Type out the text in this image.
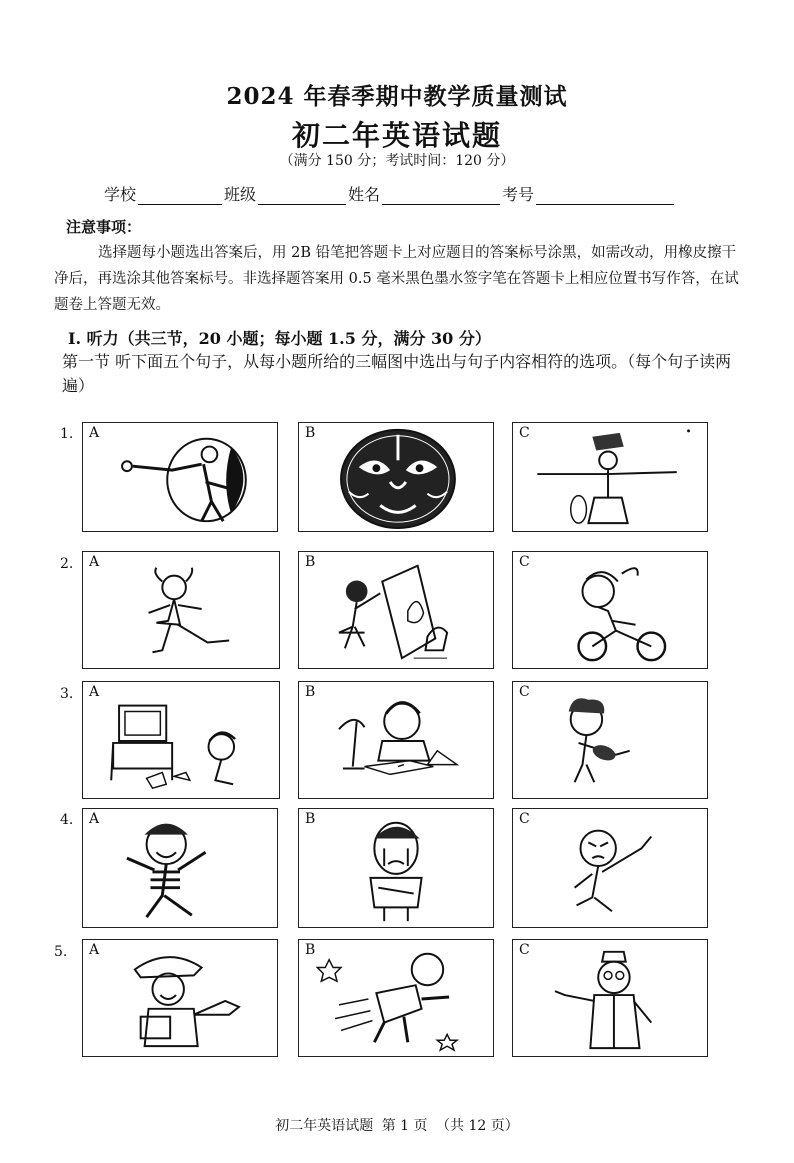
2024 年春季期中教学质量测试
初二年英语试题
（满分 150 分；考试时间：120 分）
学校	班级	姓名	考号
注意事项：
选择题每小题选出答案后，用 2B 铅笔把答题卡上对应题目的答案标号涂黑，如需改动，用橡皮擦干净后，再选涂其他答案标号。非选择题答案用 0.5 毫米黑色墨水签字笔在答题卡上相应位置书写作答，在试题卷上答题无效。
I. 听力（共三节，20 小题；每小题 1.5 分，满分 30 分）
第一节 听下面五个句子，从每小题所给的三幅图中选出与句子内容相符的选项。（每个句子读两遍）
1. A	B	C
2. A	B	C
3. A	B	C
4. A	B	C
5. A	B	C
初二年英语试题 第 1 页 （共 12 页）
